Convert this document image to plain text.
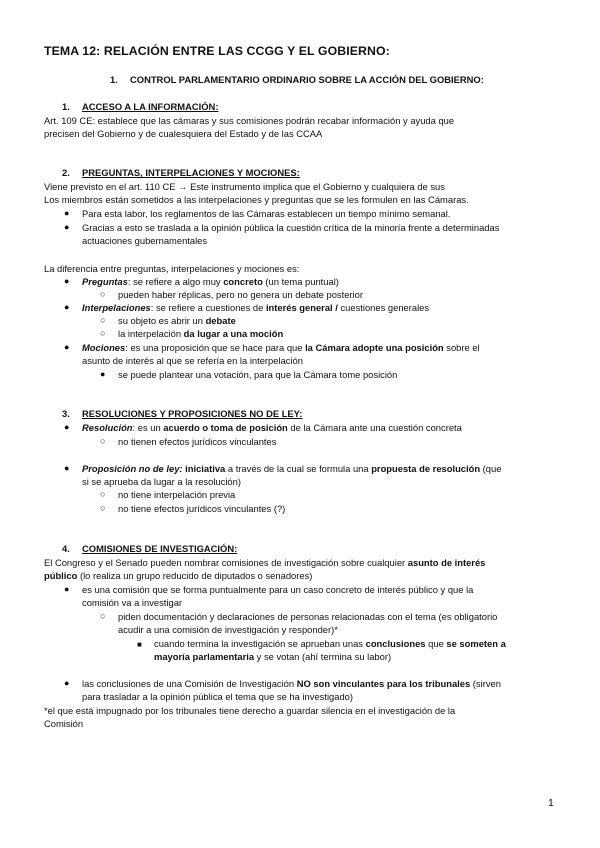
TEMA 12: RELACIÓN ENTRE LAS CCGG Y EL GOBIERNO:
1. CONTROL PARLAMENTARIO ORDINARIO SOBRE LA ACCIÓN DEL GOBIERNO:
1. ACCESO A LA INFORMACIÓN:
Art. 109 CE: establece que las cámaras y sus comisiones podrán recabar información y ayuda que
precisen del Gobierno y de cualesquiera del Estado y de las CCAA
2. PREGUNTAS, INTERPELACIONES Y MOCIONES:
Viene previsto en el art. 110 CE → Este instrumento implica que el Gobierno y cualquiera de sus
Los miembros están sometidos a las interpelaciones y preguntas que se les formulen en las Cámaras.
● Para esta labor, los reglamentos de las Cámaras establecen un tiempo mínimo semanal.
● Gracias a esto se traslada a la opinión pública la cuestión crítica de la minoría frente a determinadas
actuaciones gubernamentales
La diferencia entre preguntas, interpelaciones y mociones es:
● Preguntas: se refiere a algo muy concreto (un tema puntual)
○ pueden haber réplicas, pero no genera un debate posterior
● Interpelaciones: se refiere a cuestiones de interés general / cuestiones generales
○ su objeto es abrir un debate
○ la interpelación da lugar a una moción
● Mociones: es una proposición que se hace para que la Cámara adopte una posición sobre el
asunto de interés al que se refería en la interpelación
● se puede plantear una votación, para que la Cámara tome posición
3. RESOLUCIONES Y PROPOSICIONES NO DE LEY:
● Resolución: es un acuerdo o toma de posición de la Cámara ante una cuestión concreta
○ no tienen efectos jurídicos vinculantes
● Proposición no de ley: iniciativa a través de la cual se formula una propuesta de resolución (que
si se aprueba da lugar a la resolución)
○ no tiene interpelación previa
○ no tiene efectos jurídicos vinculantes (?)
4. COMISIONES DE INVESTIGACIÓN:
El Congreso y el Senado pueden nombrar comisiones de investigación sobre cualquier asunto de interés
público (lo realiza un grupo reducido de diputados o senadores)
● es una comisión que se forma puntualmente para un caso concreto de interés público y que la
comisión va a investigar
○ piden documentación y declaraciones de personas relacionadas con el tema (es obligatorio
acudir a una comisión de investigación y responder)*
■ cuando termina la investigación se aprueban unas conclusiones que se someten a
mayoría parlamentaria y se votan (ahí termina su labor)
● las conclusiones de una Comisión de Investigación NO son vinculantes para los tribunales (sirven
para trasladar a la opinión pública el tema que se ha investigado)
*el que está impugnado por los tribunales tiene derecho a guardar silencia en el investigación de la
Comisión
1
